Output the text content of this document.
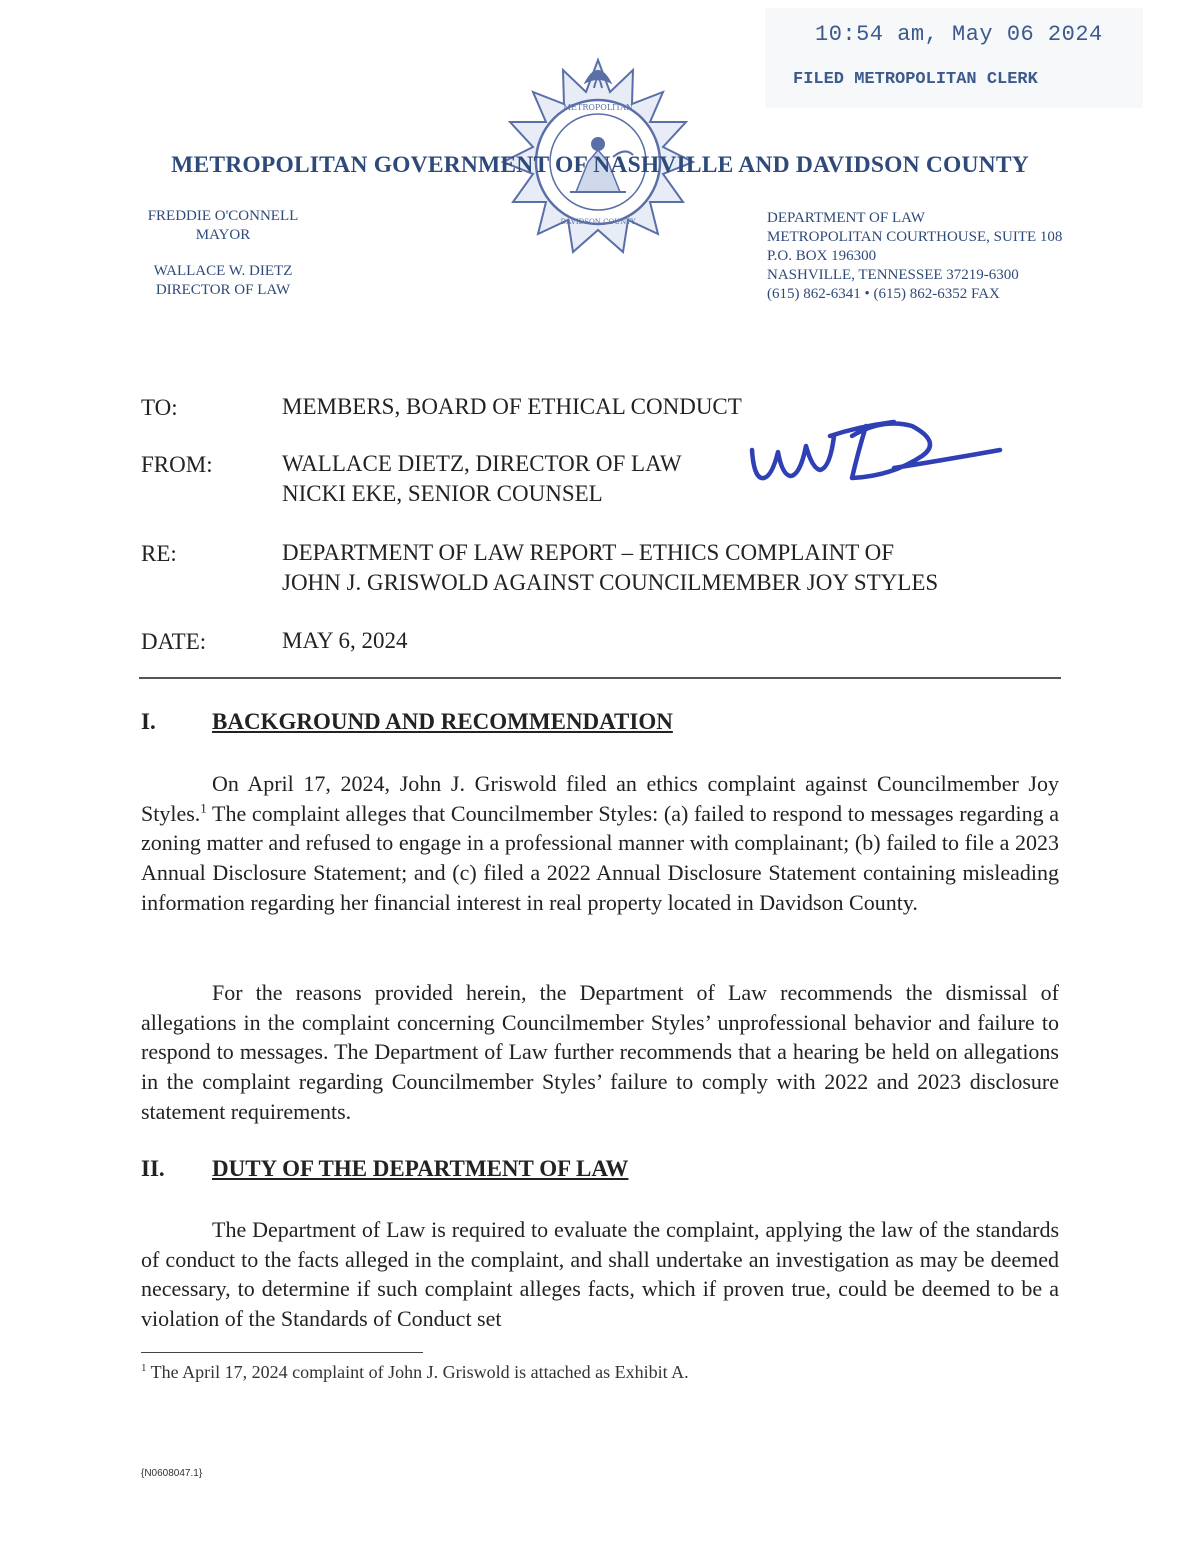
10:54 am, May 06 2024
FILED METROPOLITAN CLERK
METROPOLITAN
DAVIDSON COUNTY
METROPOLITAN GOVERNMENT OF NASHVILLE AND DAVIDSON COUNTY
FREDDIE O'CONNELL
MAYOR
WALLACE W. DIETZ
DIRECTOR OF LAW
DEPARTMENT OF LAW
METROPOLITAN COURTHOUSE, SUITE 108
P.O. BOX 196300
NASHVILLE, TENNESSEE 37219-6300
(615) 862-6341 • (615) 862-6352 FAX
TO:	MEMBERS, BOARD OF ETHICAL CONDUCT
FROM:	WALLACE DIETZ, DIRECTOR OF LAW
NICKI EKE, SENIOR COUNSEL
RE:	DEPARTMENT OF LAW REPORT – ETHICS COMPLAINT OF
JOHN J. GRISWOLD AGAINST COUNCILMEMBER JOY STYLES
DATE:	MAY 6, 2024
I. BACKGROUND AND RECOMMENDATION
On April 17, 2024, John J. Griswold filed an ethics complaint against Councilmember Joy Styles.$^1$ The complaint alleges that Councilmember Styles: (a) failed to respond to messages regarding a zoning matter and refused to engage in a professional manner with complainant; (b) failed to file a 2023 Annual Disclosure Statement; and (c) filed a 2022 Annual Disclosure Statement containing misleading information regarding her financial interest in real property located in Davidson County.
For the reasons provided herein, the Department of Law recommends the dismissal of allegations in the complaint concerning Councilmember Styles’ unprofessional behavior and failure to respond to messages. The Department of Law further recommends that a hearing be held on allegations in the complaint regarding Councilmember Styles’ failure to comply with 2022 and 2023 disclosure statement requirements.
II. DUTY OF THE DEPARTMENT OF LAW
The Department of Law is required to evaluate the complaint, applying the law of the standards of conduct to the facts alleged in the complaint, and shall undertake an investigation as may be deemed necessary, to determine if such complaint alleges facts, which if proven true, could be deemed to be a violation of the Standards of Conduct set
$^1$ The April 17, 2024 complaint of John J. Griswold is attached as Exhibit A.
{N0608047.1}
